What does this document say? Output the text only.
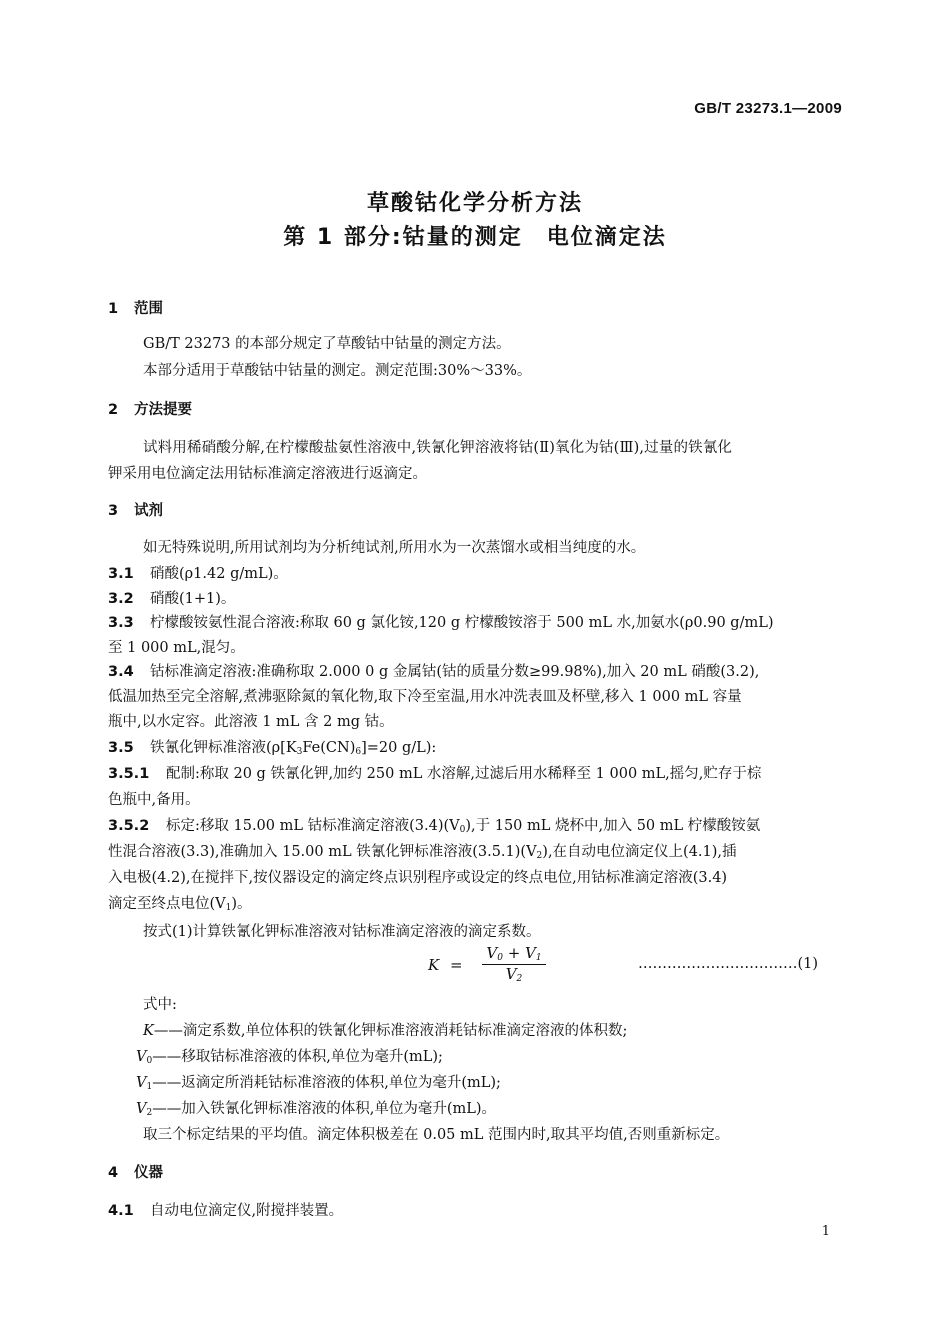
GB/T 23273.1—2009
草酸钴化学分析方法
第 1 部分:钴量的测定 电位滴定法
1 范围
GB/T 23273 的本部分规定了草酸钴中钴量的测定方法。
本部分适用于草酸钴中钴量的测定。测定范围:30%～33%。
2 方法提要
试料用稀硝酸分解,在柠檬酸盐氨性溶液中,铁氰化钾溶液将钴(Ⅱ)氧化为钴(Ⅲ),过量的铁氰化
钾采用电位滴定法用钴标准滴定溶液进行返滴定。
3 试剂
如无特殊说明,所用试剂均为分析纯试剂,所用水为一次蒸馏水或相当纯度的水。
3.1 硝酸(ρ1.42 g/mL)。
3.2 硝酸(1+1)。
3.3 柠檬酸铵氨性混合溶液:称取 60 g 氯化铵,120 g 柠檬酸铵溶于 500 mL 水,加氨水(ρ0.90 g/mL)
至 1 000 mL,混匀。
3.4 钴标准滴定溶液:准确称取 2.000 0 g 金属钴(钴的质量分数≥99.98%),加入 20 mL 硝酸(3.2),
低温加热至完全溶解,煮沸驱除氮的氧化物,取下冷至室温,用水冲洗表皿及杯壁,移入 1 000 mL 容量
瓶中,以水定容。此溶液 1 mL 含 2 mg 钴。
3.5 铁氰化钾标准溶液($\rho[K_3Fe(CN)_6]=20$ g/L):
3.5.1 配制:称取 20 g 铁氰化钾,加约 250 mL 水溶解,过滤后用水稀释至 1 000 mL,摇匀,贮存于棕
色瓶中,备用。
3.5.2 标定:移取 15.00 mL 钴标准滴定溶液$(3.4)(V_0)$,于 150 mL 烧杯中,加入 50 mL 柠檬酸铵氨
性混合溶液(3.3),准确加入 15.00 mL 铁氰化钾标准溶液$(3.5.1)(V_2)$,在自动电位滴定仪上(4.1),插
入电极(4.2),在搅拌下,按仪器设定的滴定终点识别程序或设定的终点电位,用钴标准滴定溶液(3.4)
滴定至终点电位$(V_1)$。
按式(1)计算铁氰化钾标准溶液对钴标准滴定溶液的滴定系数。
$K = \frac{V_0 + V_1}{V_2}$	……………………………(1)
式中:
K——滴定系数,单位体积的铁氰化钾标准溶液消耗钴标准滴定溶液的体积数;
$V_0——$移取钴标准溶液的体积,单位为毫升(mL);
$V_1——$返滴定所消耗钴标准溶液的体积,单位为毫升(mL);
$V_2——$加入铁氰化钾标准溶液的体积,单位为毫升(mL)。
取三个标定结果的平均值。滴定体积极差在 0.05 mL 范围内时,取其平均值,否则重新标定。
4 仪器
4.1 自动电位滴定仪,附搅拌装置。
1
